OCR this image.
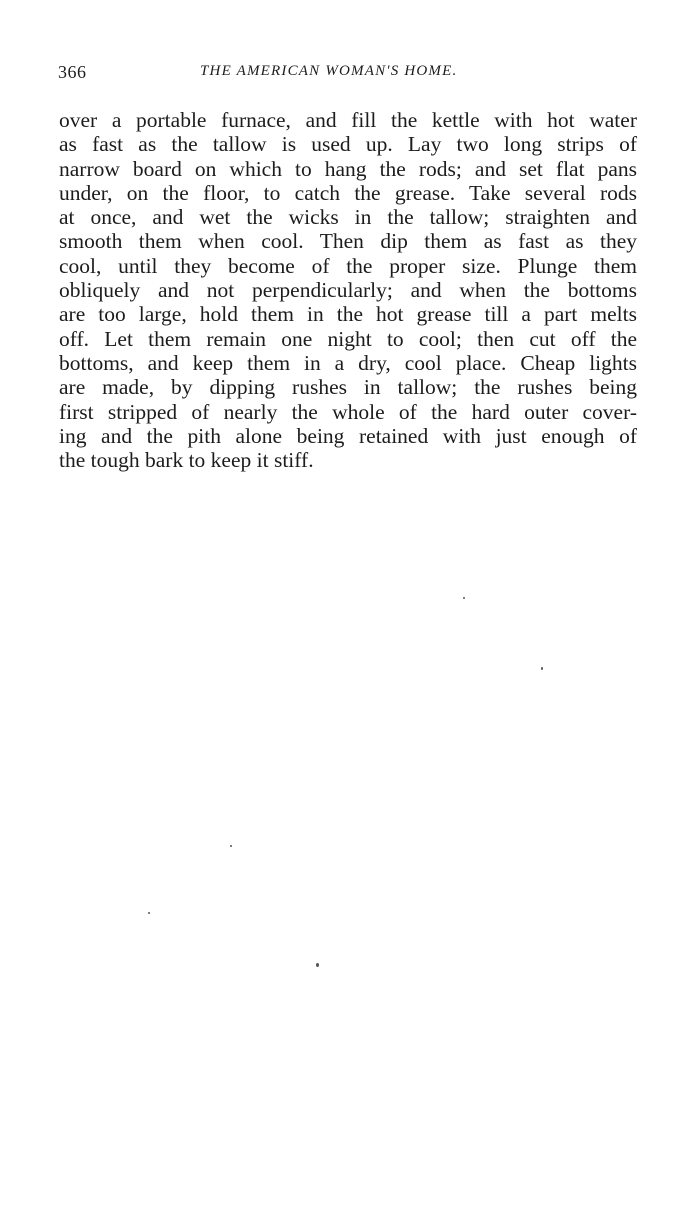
366	THE AMERICAN WOMAN'S HOME.
over a portable furnace, and fill the kettle with hot water
as fast as the tallow is used up. Lay two long strips of
narrow board on which to hang the rods; and set flat pans
under, on the floor, to catch the grease. Take several rods
at once, and wet the wicks in the tallow; straighten and
smooth them when cool. Then dip them as fast as they
cool, until they become of the proper size. Plunge them
obliquely and not perpendicularly; and when the bottoms
are too large, hold them in the hot grease till a part melts
off. Let them remain one night to cool; then cut off the
bottoms, and keep them in a dry, cool place. Cheap lights
are made, by dipping rushes in tallow; the rushes being
first stripped of nearly the whole of the hard outer cover-
ing and the pith alone being retained with just enough of
the tough bark to keep it stiff.
